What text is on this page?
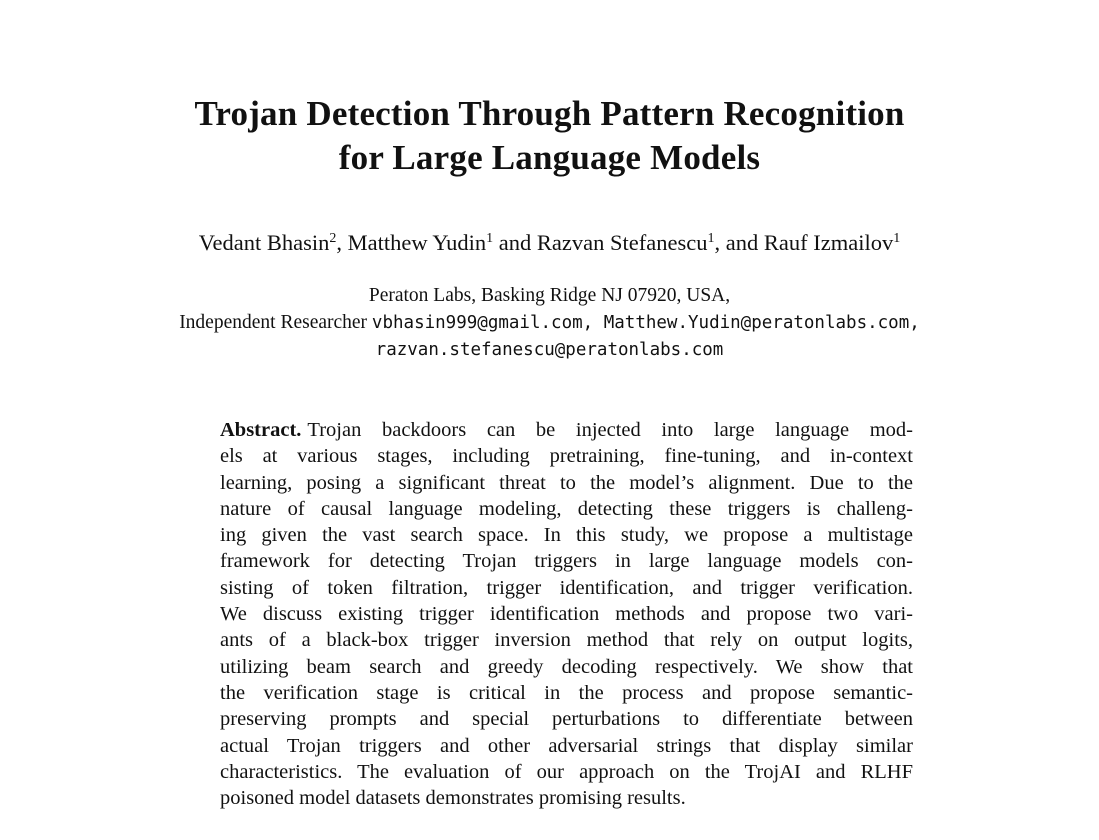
Trojan Detection Through Pattern Recognition
for Large Language Models
Vedant Bhasin$^2$, Matthew Yudin$^1$ and Razvan Stefanescu$^1$, and Rauf Izmailov$^1$
Peraton Labs, Basking Ridge NJ 07920, USA,
Independent Researcher vbhasin999@gmail.com, Matthew.Yudin@peratonlabs.com,
razvan.stefanescu@peratonlabs.com
Abstract. Trojan backdoors can be injected into large language mod-
els at various stages, including pretraining, fine-tuning, and in-context
learning, posing a significant threat to the model’s alignment. Due to the
nature of causal language modeling, detecting these triggers is challeng-
ing given the vast search space. In this study, we propose a multistage
framework for detecting Trojan triggers in large language models con-
sisting of token filtration, trigger identification, and trigger verification.
We discuss existing trigger identification methods and propose two vari-
ants of a black-box trigger inversion method that rely on output logits,
utilizing beam search and greedy decoding respectively. We show that
the verification stage is critical in the process and propose semantic-
preserving prompts and special perturbations to differentiate between
actual Trojan triggers and other adversarial strings that display similar
characteristics. The evaluation of our approach on the TrojAI and RLHF
poisoned model datasets demonstrates promising results.
